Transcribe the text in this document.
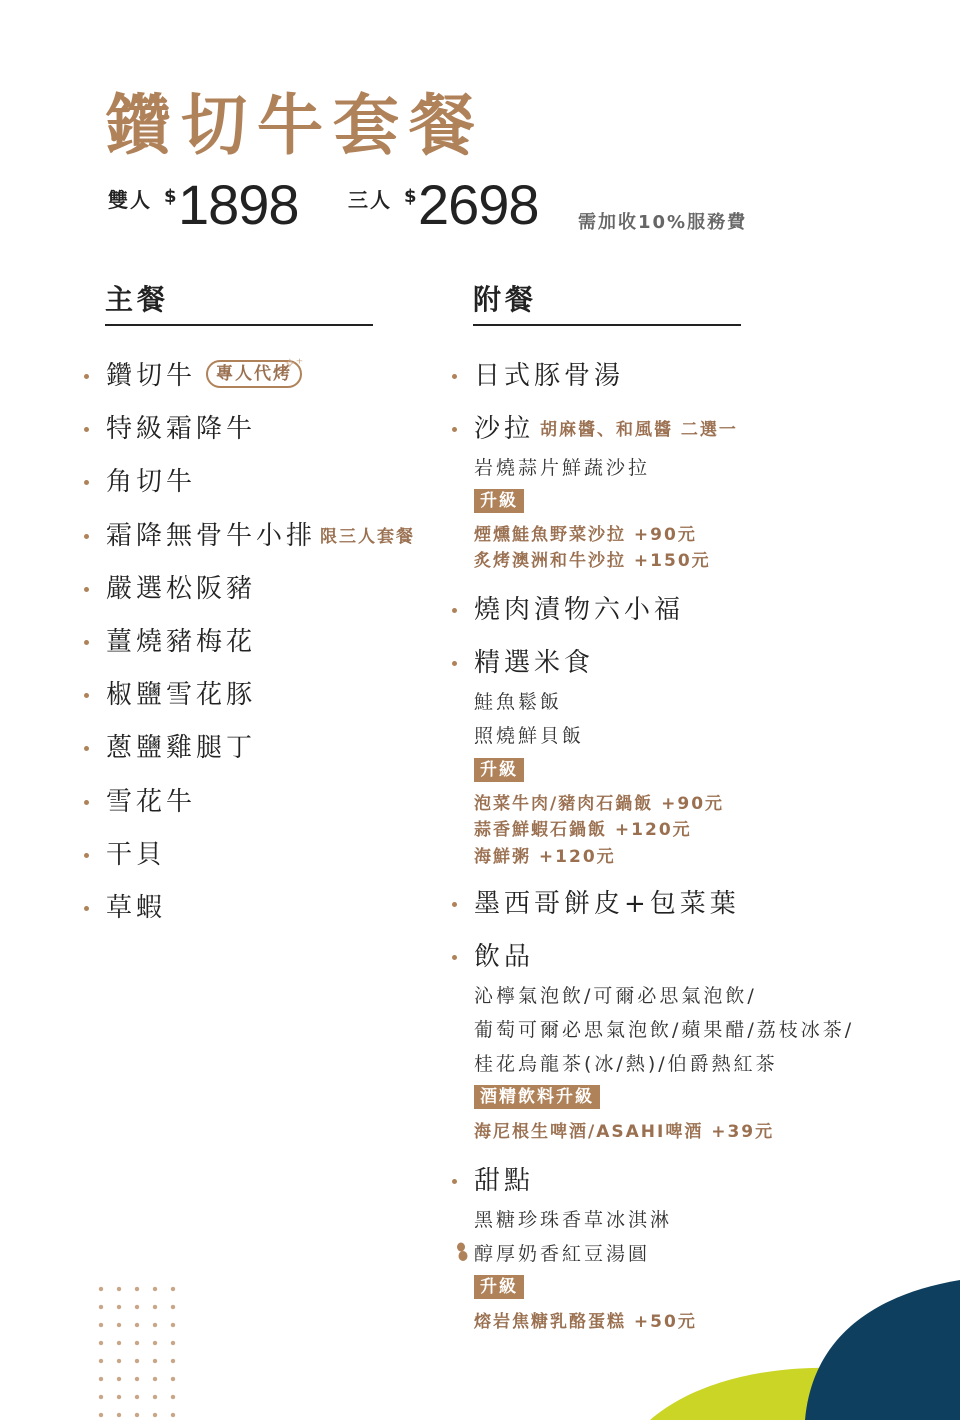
鑽切牛套餐
雙人 $ 1898 三人 $ 2698 需加收10%服務費
主餐	附餐
鑽切牛 專人代烤
✧⁺
特級霜降牛
角切牛
霜降無骨牛小排 限三人套餐
嚴選松阪豬
薑燒豬梅花
椒鹽雪花豚
蔥鹽雞腿丁
雪花牛
干貝
草蝦
日式豚骨湯
沙拉 胡麻醬、和風醬 二選一
岩燒蒜片鮮蔬沙拉
升級
煙燻鮭魚野菜沙拉 +90元
炙烤澳洲和牛沙拉 +150元
燒肉漬物六小福
精選米食
鮭魚鬆飯
照燒鮮貝飯
升級
泡菜牛肉/豬肉石鍋飯 +90元
蒜香鮮蝦石鍋飯 +120元
海鮮粥 +120元
墨西哥餅皮+包菜葉
飲品
沁檸氣泡飲/可爾必思氣泡飲/
葡萄可爾必思氣泡飲/蘋果醋/荔枝冰茶/
桂花烏龍茶(冰/熱)/伯爵熱紅茶
酒精飲料升級
海尼根生啤酒/ASAHI啤酒 +39元
甜點
黑糖珍珠香草冰淇淋
醇厚奶香紅豆湯圓
升級
熔岩焦糖乳酪蛋糕 +50元
